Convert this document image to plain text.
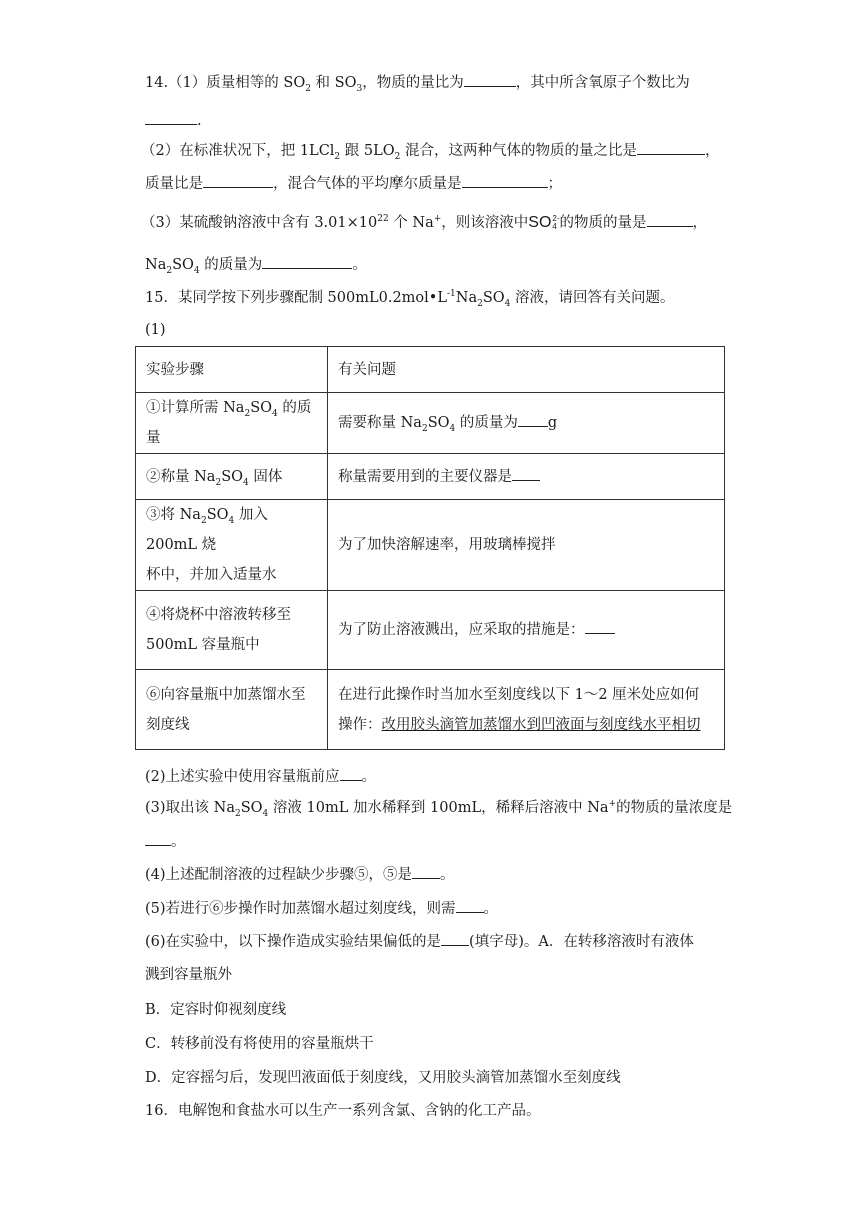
14.（1）质量相等的 $SO_2$ 和 $SO_3$，物质的量比为	，其中所含氧原子个数比为
.
（2）在标准状况下，把 1LCl$_2$ 跟 $5LO_2$ 混合，这两种气体的物质的量之比是	，
质量比是	，混合气体的平均摩尔质量是	；
（3）某硫酸钠溶液中含有 $3.01\times 10^{22}$ 个 Na+，则该溶液中SO2-
4 的物质的量是	，
$Na_2SO_4$ 的质量为	。
15．某同学按下列步骤配制 $500mL0.2mol•L^{-1}Na_2SO_4$ 溶液，请回答有关问题。
(1)
实验步骤	有关问题
①计算所需 $Na_2SO_4$ 的质量	需要称量 $Na_2SO_4$ 的质量为 g
②称量 $Na_2SO_4$ 固体	称量需要用到的主要仪器是
③将 $Na_2SO_4$ 加入 200mL 烧
杯中，并加入适量水	为了加快溶解速率，用玻璃棒搅拌
④将烧杯中溶液转移至
500mL 容量瓶中	为了防止溶液溅出，应采取的措施是：
⑥向容量瓶中加蒸馏水至
刻度线	在进行此操作时当加水至刻度线以下 1～2 厘米处应如何
操作：改用胶头滴管加蒸馏水到凹液面与刻度线水平相切
(2)上述实验中使用容量瓶前应 。
(3)取出该 $Na_2SO_4$ 溶液 10mL 加水稀释到 100mL，稀释后溶液中 Na+的物质的量浓度是
。
(4)上述配制溶液的过程缺少步骤⑤，⑤是 。
(5)若进行⑥步操作时加蒸馏水超过刻度线，则需 。
(6)在实验中，以下操作造成实验结果偏低的是 (填字母)。A．在转移溶液时有液体
溅到容量瓶外
B．定容时仰视刻度线
C．转移前没有将使用的容量瓶烘干
D．定容摇匀后，发现凹液面低于刻度线，又用胶头滴管加蒸馏水至刻度线
16．电解饱和食盐水可以生产一系列含氯、含钠的化工产品。
